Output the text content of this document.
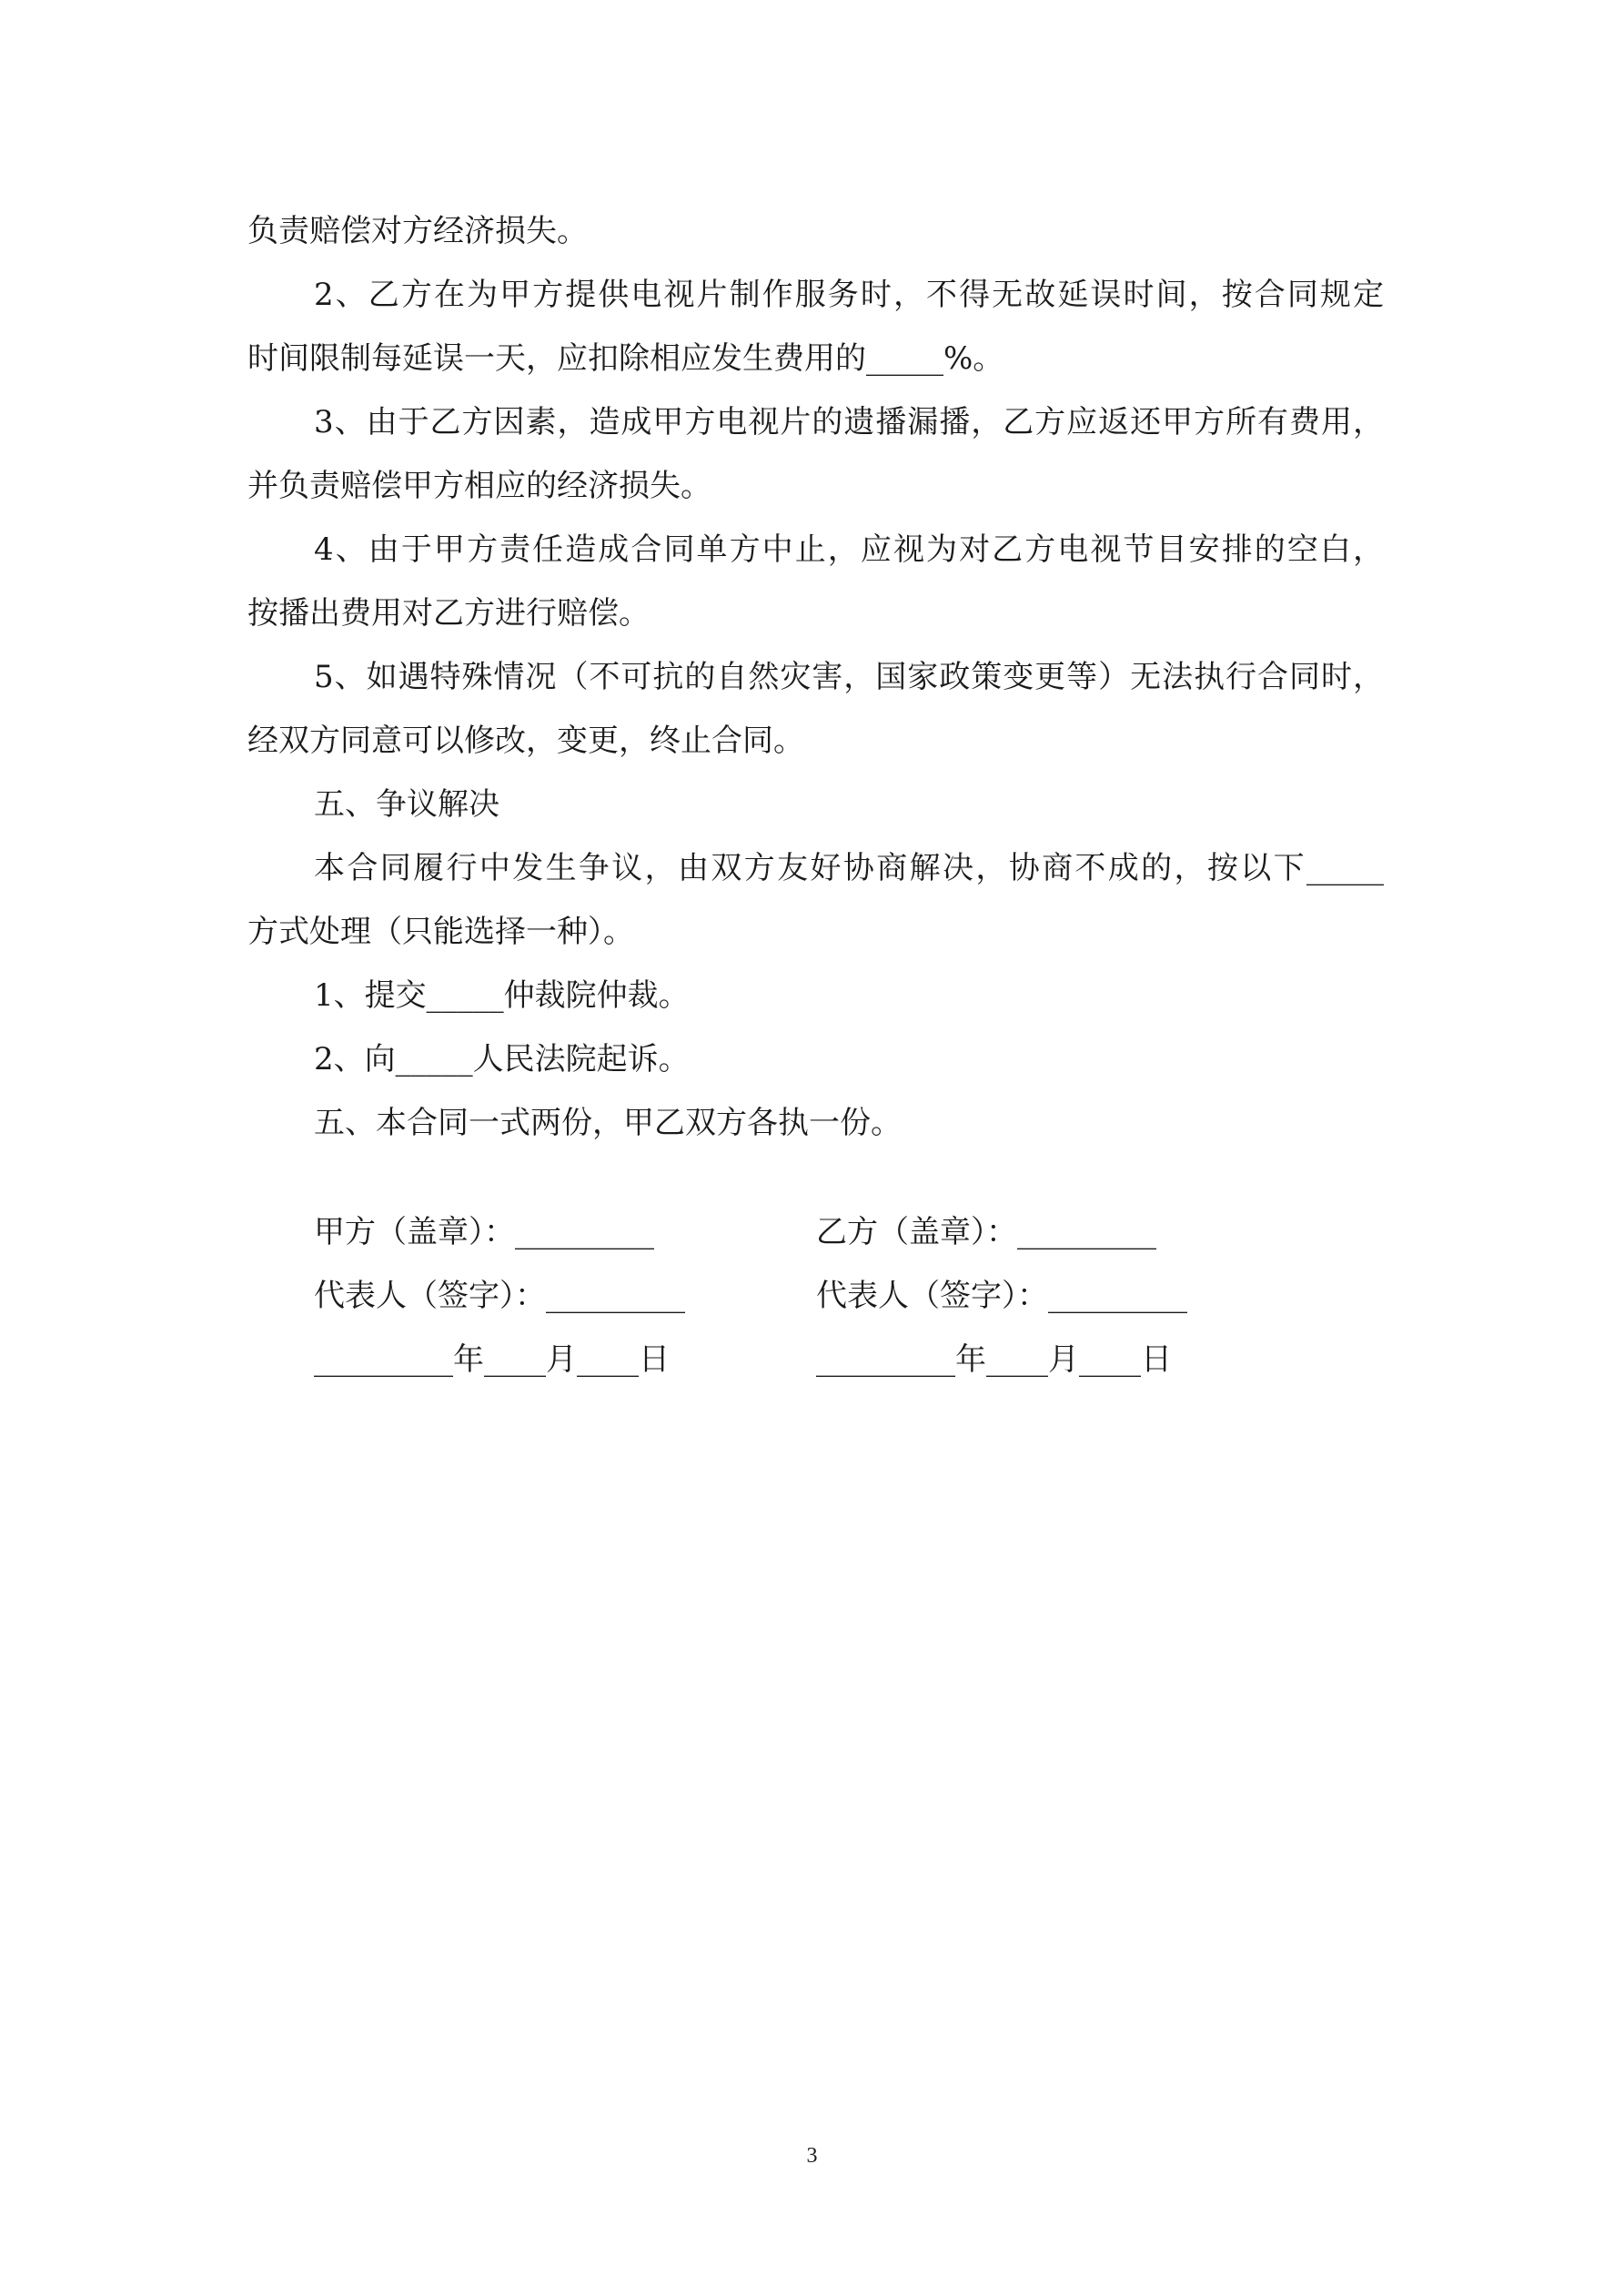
负责赔偿对方经济损失。
2、乙方在为甲方提供电视片制作服务时，不得无故延误时间，按合同规定
时间限制每延误一天，应扣除相应发生费用的_____%。
3、由于乙方因素，造成甲方电视片的遗播漏播，乙方应返还甲方所有费用，
并负责赔偿甲方相应的经济损失。
4、由于甲方责任造成合同单方中止，应视为对乙方电视节目安排的空白，
按播出费用对乙方进行赔偿。
5、如遇特殊情况（不可抗的自然灾害，国家政策变更等）无法执行合同时，
经双方同意可以修改，变更，终止合同。
五、争议解决
本合同履行中发生争议，由双方友好协商解决，协商不成的，按以下_____
方式处理（只能选择一种）。
1、提交_____仲裁院仲裁。
2、向_____人民法院起诉。
五、本合同一式两份，甲乙双方各执一份。
甲方（盖章）：_________	乙方（盖章）：_________
代表人（签字）：_________	代表人（签字）：_________
_________年____月____日	_________年____月____日
3
